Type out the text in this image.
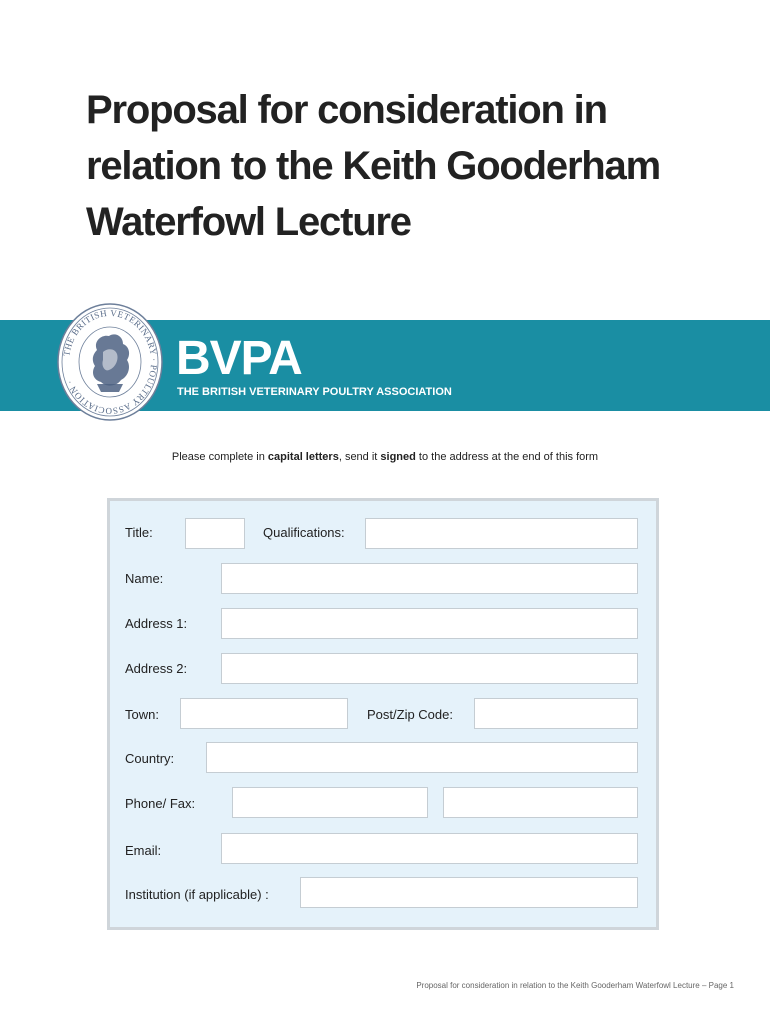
Proposal for consideration in relation to the Keith Gooderham Waterfowl Lecture
THE BRITISH VETERINARY · POULTRY ASSOCIATION ·	BVPA
THE BRITISH VETERINARY POULTRY ASSOCIATION
Please complete in capital letters, send it signed to the address at the end of this form
Title:	Qualifications:
Name:
Address 1:
Address 2:
Town:	Post/Zip Code:
Country:
Phone/ Fax:
Email:
Institution (if applicable) :
Proposal for consideration in relation to the Keith Gooderham Waterfowl Lecture – Page 1
